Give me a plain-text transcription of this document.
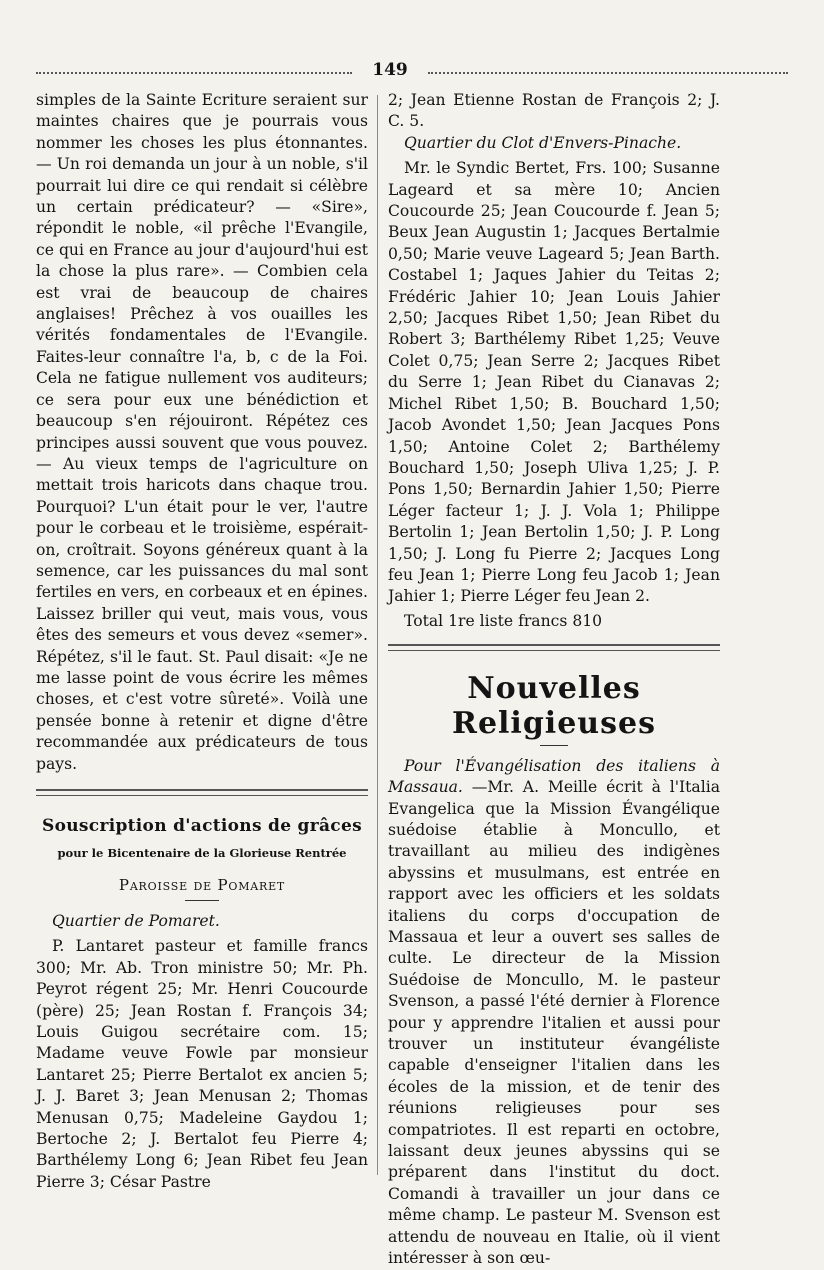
149

simples de la Sainte Ecriture seraient sur maintes chaires que je pourrais vous nommer les choses les plus étonnantes. — Un roi demanda un jour à un noble, s'il pourrait lui dire ce qui rendait si célèbre un certain prédicateur? — «Sire», répondit le noble, «il prêche l'Evangile, ce qui en France au jour d'aujourd'hui est la chose la plus rare». — Combien cela est vrai de beaucoup de chaires anglaises! Prêchez à vos ouailles les vérités fondamentales de l'Evangile. Faites-leur connaître l'a, b, c de la Foi. Cela ne fatigue nullement vos auditeurs; ce sera pour eux une bénédiction et beaucoup s'en réjouiront. Répétez ces principes aussi souvent que vous pouvez. — Au vieux temps de l'agriculture on mettait trois haricots dans chaque trou. Pourquoi? L'un était pour le ver, l'autre pour le corbeau et le troisième, espérait-on, croîtrait. Soyons généreux quant à la semence, car les puissances du mal sont fertiles en vers, en corbeaux et en épines. Laissez briller qui veut, mais vous, vous êtes des semeurs et vous devez «semer». Répétez, s'il le faut. St. Paul disait: «Je ne me lasse point de vous écrire les mêmes choses, et c'est votre sûreté». Voilà une pensée bonne à retenir et digne d'être recommandée aux prédicateurs de tous pays.

Souscription d'actions de grâces
pour le Bicentenaire de la Glorieuse Rentrée
Paroisse de Pomaret

Quartier de Pomaret.

P. Lantaret pasteur et famille francs 300; Mr. Ab. Tron ministre 50; Mr. Ph. Peyrot régent 25; Mr. Henri Coucourde (père) 25; Jean Rostan f. François 34; Louis Guigou secrétaire com. 15; Madame veuve Fowle par monsieur Lantaret 25; Pierre Bertalot ex ancien 5; J. J. Baret 3; Jean Menusan 2; Thomas Menusan 0,75; Madeleine Gaydou 1; Bertoche 2; J. Bertalot feu Pierre 4; Barthélemy Long 6; Jean Ribet feu Jean Pierre 3; César Pastre

2; Jean Etienne Rostan de François 2; J. C. 5.

Quartier du Clot d'Envers-Pinache.

Mr. le Syndic Bertet, Frs. 100; Susanne Lageard et sa mère 10; Ancien Coucourde 25; Jean Coucourde f. Jean 5; Beux Jean Augustin 1; Jacques Bertalmie 0,50; Marie veuve Lageard 5; Jean Barth. Costabel 1; Jaques Jahier du Teitas 2; Frédéric Jahier 10; Jean Louis Jahier 2,50; Jacques Ribet 1,50; Jean Ribet du Robert 3; Barthélemy Ribet 1,25; Veuve Colet 0,75; Jean Serre 2; Jacques Ribet du Serre 1; Jean Ribet du Cianavas 2; Michel Ribet 1,50; B. Bouchard 1,50; Jacob Avondet 1,50; Jean Jacques Pons 1,50; Antoine Colet 2; Barthélemy Bouchard 1,50; Joseph Uliva 1,25; J. P. Pons 1,50; Bernardin Jahier 1,50; Pierre Léger facteur 1; J. J. Vola 1; Philippe Bertolin 1; Jean Bertolin 1,50; J. P. Long 1,50; J. Long fu Pierre 2; Jacques Long feu Jean 1; Pierre Long feu Jacob 1; Jean Jahier 1; Pierre Léger feu Jean 2.

Total 1re liste francs 810

Nouvelles Religieuses

Pour l'Évangélisation des italiens à Massaua. —Mr. A. Meille écrit à l'Italia Evangelica que la Mission Évangélique suédoise établie à Moncullo, et travaillant au milieu des indigènes abyssins et musulmans, est entrée en rapport avec les officiers et les soldats italiens du corps d'occupation de Massaua et leur a ouvert ses salles de culte. Le directeur de la Mission Suédoise de Moncullo, M. le pasteur Svenson, a passé l'été dernier à Florence pour y apprendre l'italien et aussi pour trouver un instituteur évangéliste capable d'enseigner l'italien dans les écoles de la mission, et de tenir des réunions religieuses pour ses compatriotes. Il est reparti en octobre, laissant deux jeunes abyssins qui se préparent dans l'institut du doct. Comandi à travailler un jour dans ce même champ. Le pasteur M. Svenson est attendu de nouveau en Italie, où il vient intéresser à son œu-
